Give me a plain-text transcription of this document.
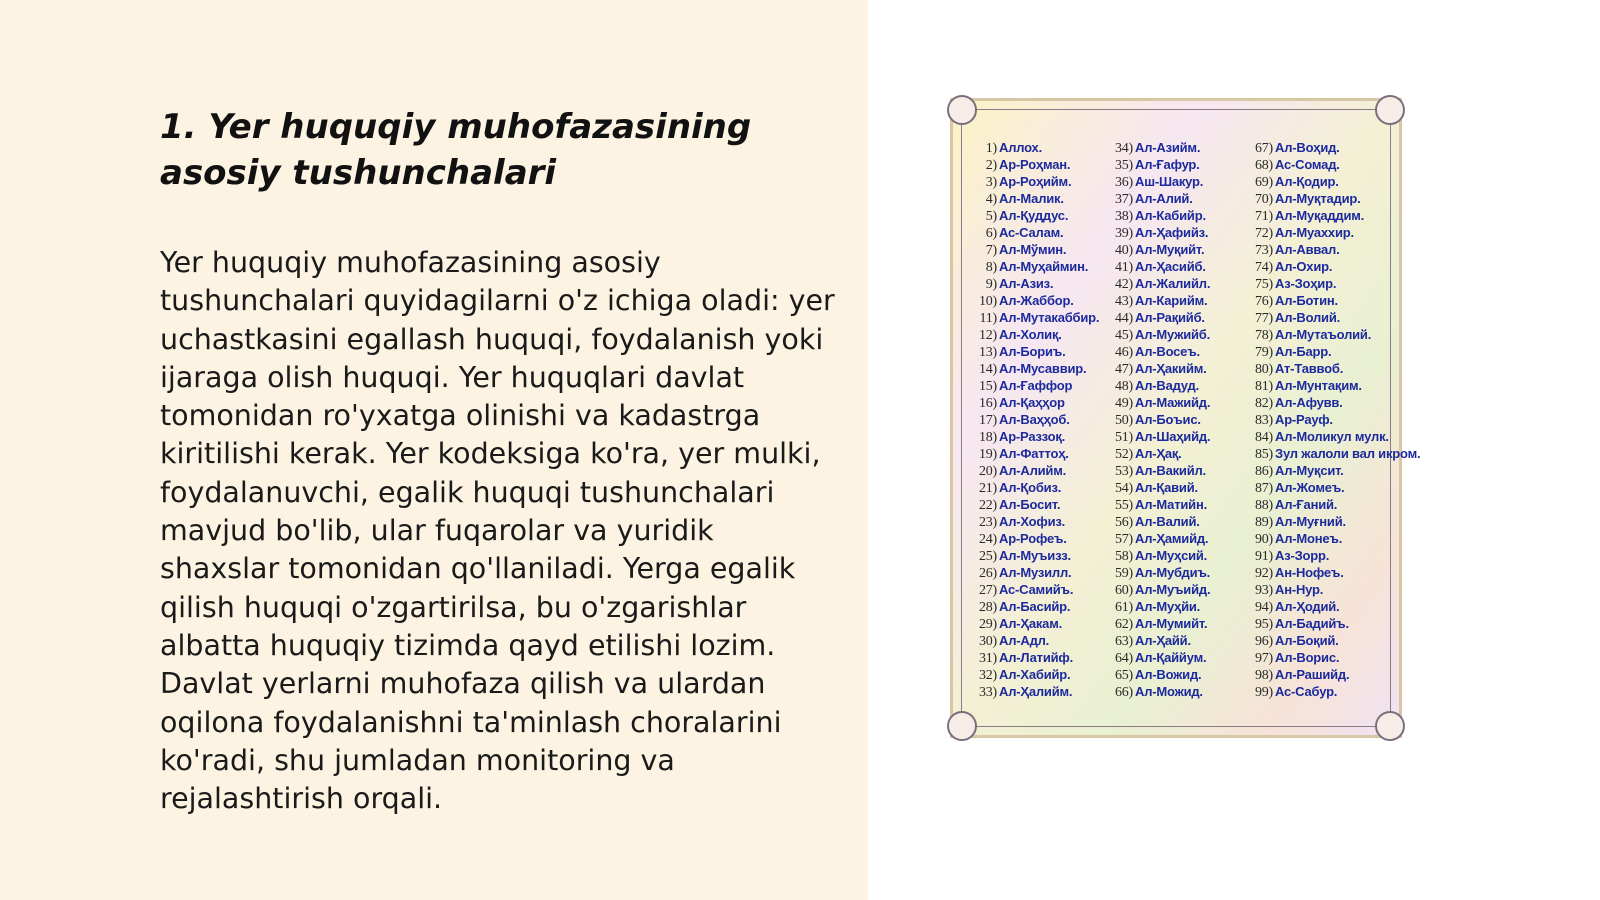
1. Yer huquqiy muhofazasining asosiy tushunchalari

Yer huquqiy muhofazasining asosiy tushunchalari quyidagilarni o'z ichiga oladi: yer uchastkasini egallash huquqi, foydalanish yoki ijaraga olish huquqi. Yer huquqlari davlat tomonidan ro'yxatga olinishi va kadastrga kiritilishi kerak. Yer kodeksiga ko'ra, yer mulki, foydalanuvchi, egalik huquqi tushunchalari mavjud bo'lib, ular fuqarolar va yuridik shaxslar tomonidan qo'llaniladi. Yerga egalik qilish huquqi o'zgartirilsa, bu o'zgarishlar albatta huquqiy tizimda qayd etilishi lozim. Davlat yerlarni muhofaza qilish va ulardan oqilona foydalanishni ta'minlash choralarini ko'radi, shu jumladan monitoring va rejalashtirish orqali.

1) Аллох.
2) Ар-Роҳман.
3) Ар-Роҳийм.
4) Ал-Малик.
5) Ал-Қуддус.
6) Ас-Салам.
7) Ал-Мўмин.
8) Ал-Муҳаймин.
9) Ал-Азиз.
10) Ал-Жаббор.
11) Ал-Мутакаббир.
12) Ал-Холиқ.
13) Ал-Бориъ.
14) Ал-Мусаввир.
15) Ал-Ғаффор
16) Ал-Қаҳҳор
17) Ал-Ваҳҳоб.
18) Ар-Раззоқ.
19) Ал-Фаттоҳ.
20) Ал-Алийм.
21) Ал-Қобиз.
22) Ал-Босит.
23) Ал-Хофиз.
24) Ар-Рофеъ.
25) Ал-Муъизз.
26) Ал-Музилл.
27) Ас-Самийъ.
28) Ал-Басийр.
29) Ал-Ҳакам.
30) Ал-Адл.
31) Ал-Латийф.
32) Ал-Хабийр.
33) Ал-Ҳалийм.
34) Ал-Азийм.
35) Ал-Ғафур.
36) Аш-Шакур.
37) Ал-Алий.
38) Ал-Кабийр.
39) Ал-Ҳафийз.
40) Ал-Муқийт.
41) Ал-Ҳасийб.
42) Ал-Жалийл.
43) Ал-Карийм.
44) Ал-Рақийб.
45) Ал-Мужийб.
46) Ал-Восеъ.
47) Ал-Ҳакийм.
48) Ал-Вадуд.
49) Ал-Мажийд.
50) Ал-Боъис.
51) Ал-Шаҳийд.
52) Ал-Ҳақ.
53) Ал-Вакийл.
54) Ал-Қавий.
55) Ал-Матийн.
56) Ал-Валий.
57) Ал-Ҳамийд.
58) Ал-Муҳсий.
59) Ал-Мубдиъ.
60) Ал-Муъийд.
61) Ал-Муҳйи.
62) Ал-Мумийт.
63) Ал-Ҳайй.
64) Ал-Қаййум.
65) Ал-Вожид.
66) Ал-Можид.
67) Ал-Воҳид.
68) Ас-Сомад.
69) Ал-Қодир.
70) Ал-Муқтадир.
71) Ал-Муқаддим.
72) Ал-Муаххир.
73) Ал-Аввал.
74) Ал-Охир.
75) Аз-Зоҳир.
76) Ал-Ботин.
77) Ал-Волий.
78) Ал-Мутаъолий.
79) Ал-Барр.
80) Ат-Таввоб.
81) Ал-Мунтақим.
82) Ал-Афувв.
83) Ар-Рауф.
84) Ал-Моликул мулк.
85) Зул жалоли вал икром.
86) Ал-Муқсит.
87) Ал-Жомеъ.
88) Ал-Ғаний.
89) Ал-Муғний.
90) Ал-Монеъ.
91) Аз-Зорр.
92) Ан-Нофеъ.
93) Ан-Нур.
94) Ал-Ҳодий.
95) Ал-Бадийъ.
96) Ал-Боқий.
97) Ал-Ворис.
98) Ал-Рашийд.
99) Ас-Сабур.
